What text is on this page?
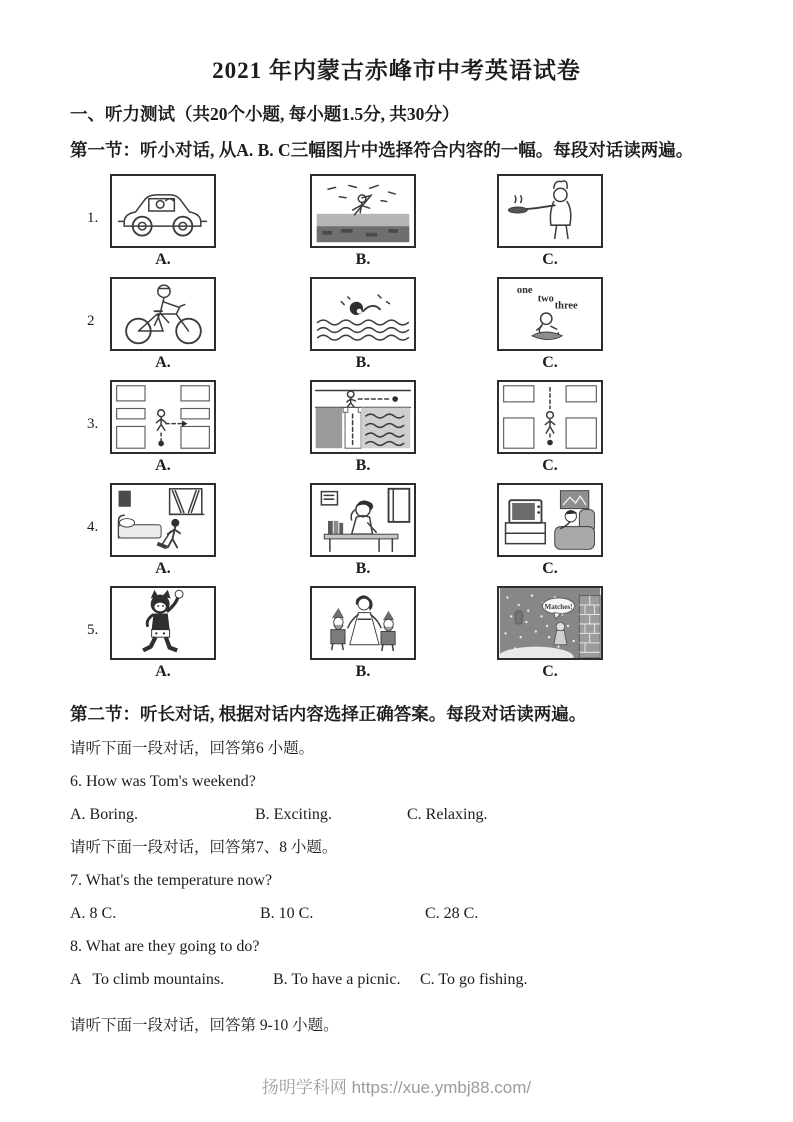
2021 年内蒙古赤峰市中考英语试卷
一、听力测试（共20个小题, 每小题1.5分, 共30分）
第一节：听小对话, 从A. B. C三幅图片中选择符合内容的一幅。每段对话读两遍。
1.
A.	B.	C.
2
A.	B.
one
two
three
C.
3.
A.	B.	C.
4.
A.	B.	C.
5.
A.	B.
Matches!
C.
第二节：听长对话, 根据对话内容选择正确答案。每段对话读两遍。

请听下面一段对话，回答第6 小题。

6. How was Tom's weekend?

A. Boring.	B. Exciting.	C. Relaxing.

请听下面一段对话，回答第7、8 小题。

7. What's the temperature now?

A. 8 C.	B. 10 C.	C. 28 C.

8. What are they going to do?

A   To climb mountains.	B. To have a picnic. C. To go fishing.

请听下面一段对话，回答第 9-10 小题。

扬明学科网 https://xue.ymbj88.com/
